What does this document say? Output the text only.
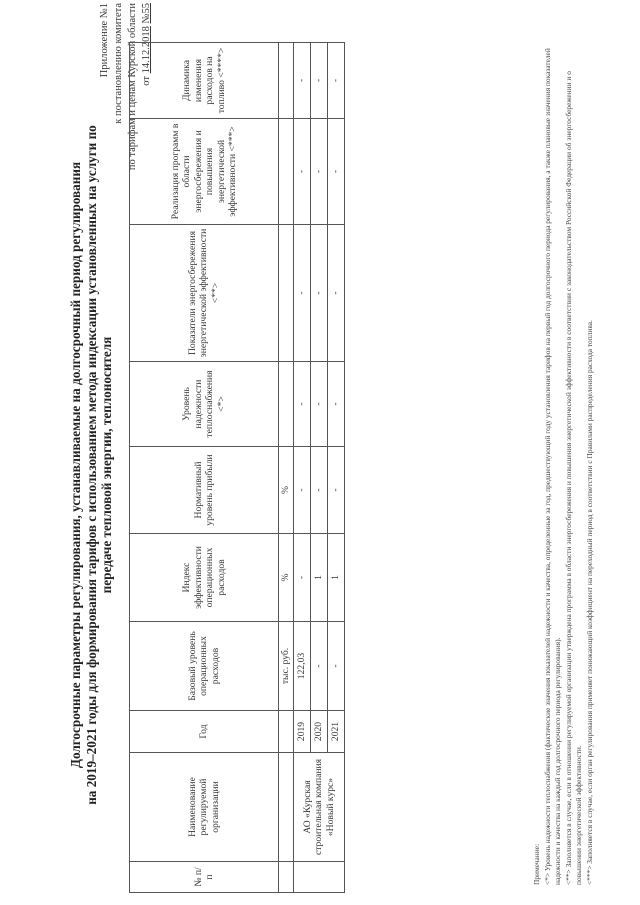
Приложение №1 к постановлению комитета по тарифам и ценам Курской области от 14.12.2018 №55
Долгосрочные параметры регулирования, устанавливаемые на долгосрочный период регулирования на 2019–2021 годы для формирования тарифов с использованием метода индексации установленных на услуги по передаче тепловой энергии, теплоносителя
№ п/п	Наименование регулируемой организации	Год	Базовый уровень операционных расходов	Индекс эффективности операционных расходов	Нормативный уровень прибыли	Уровень надежности теплоснабжения <*>	Показатели энергосбережения энергетической эффективности <**>	Реализация программ в области энергосбережения и повышения энергетической эффективности <***>	Динамика изменения расходов на топливо <****>
			тыс. руб.	%	%				
	АО «Курская строительная компания «Новый курс»	2019	122,03	-	-	-	-	-	-
		2020	-	1	-	-	-	-	-
		2021	-	1	-	-	-	-	-

Примечание: <*> Уровень надежности теплоснабжения (фактические значения показателей надежности и качества, определенные за год, предшествующий году установления тарифов на первый год долгосрочного периода регулирования, а также плановые значения показателей надежности и качества на каждый год долгосрочного периода регулирования). <**> Заполняется в случае, если в отношении регулируемой организации утверждена программа в области энергосбережения и повышения энергетической эффективности в соответствии с законодательством Российской Федерации об энергосбережении и о повышении энергетической эффективности. <***> Заполняется в случае, если орган регулирования применяет понижающий коэффициент на переходный период в соответствии с Правилами распределения расхода топлива.
